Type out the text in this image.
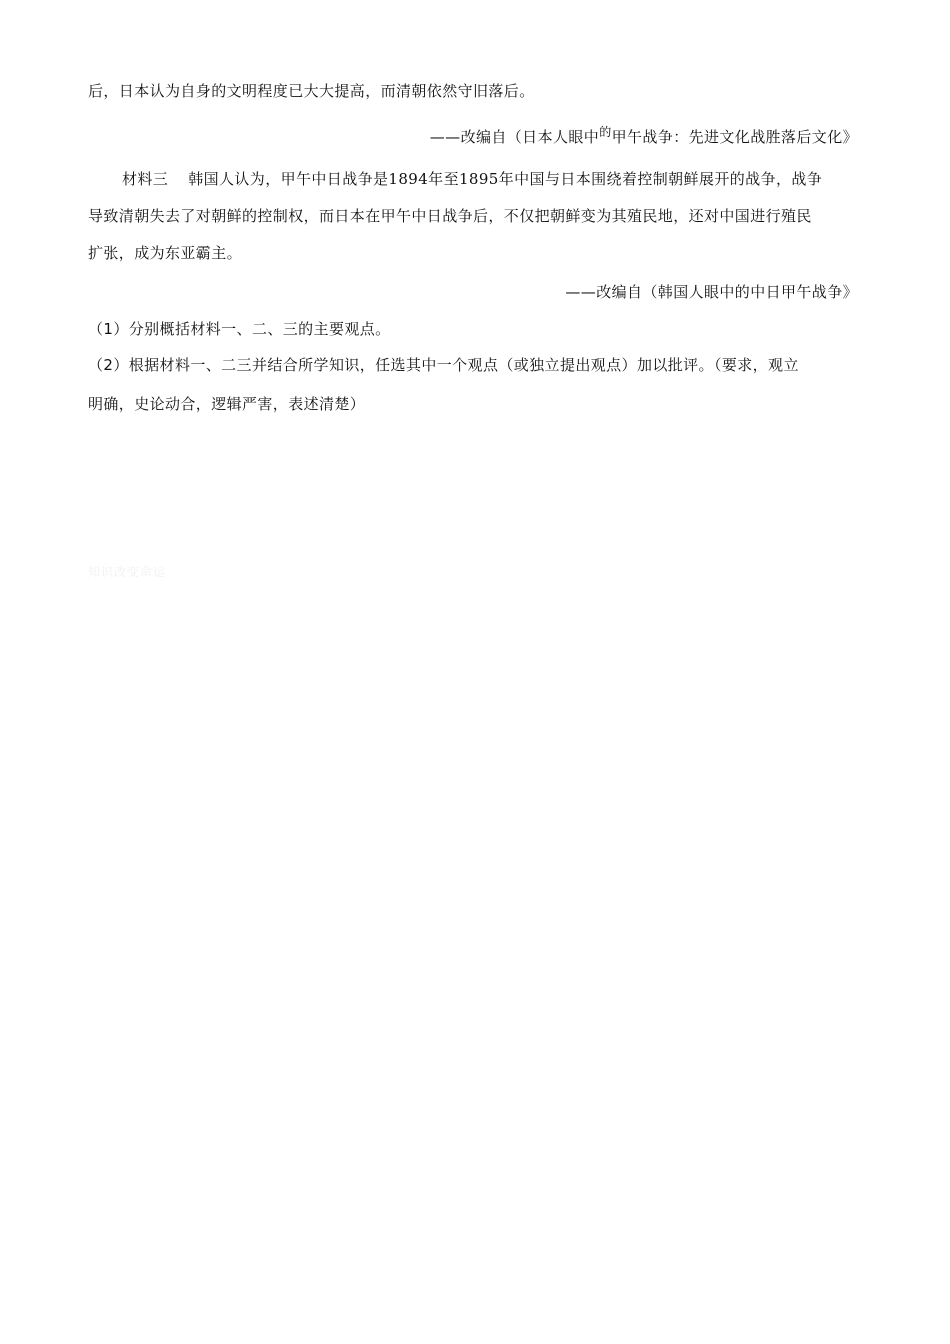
后，日本认为自身的文明程度已大大提高，而清朝依然守旧落后。
——改编自（日本人眼中$^的$甲午战争：先进文化战胜落后文化》
材料三 韩国人认为，甲午中日战争是1894年至1895年中国与日本围绕着控制朝鲜展开的战争，战争
导致清朝失去了对朝鲜的控制权，而日本在甲午中日战争后，不仅把朝鲜变为其殖民地，还对中国进行殖民
扩张，成为东亚霸主。
——改编自（韩国人眼中的中日甲午战争》
（1）分别概括材料一、二、三的主要观点。
（2）根据材料一、二三并结合所学知识，任选其中一个观点（或独立提出观点）加以批评。（要求，观立
明确，史论动合，逻辑严害，表述清楚）
知识改变命运
